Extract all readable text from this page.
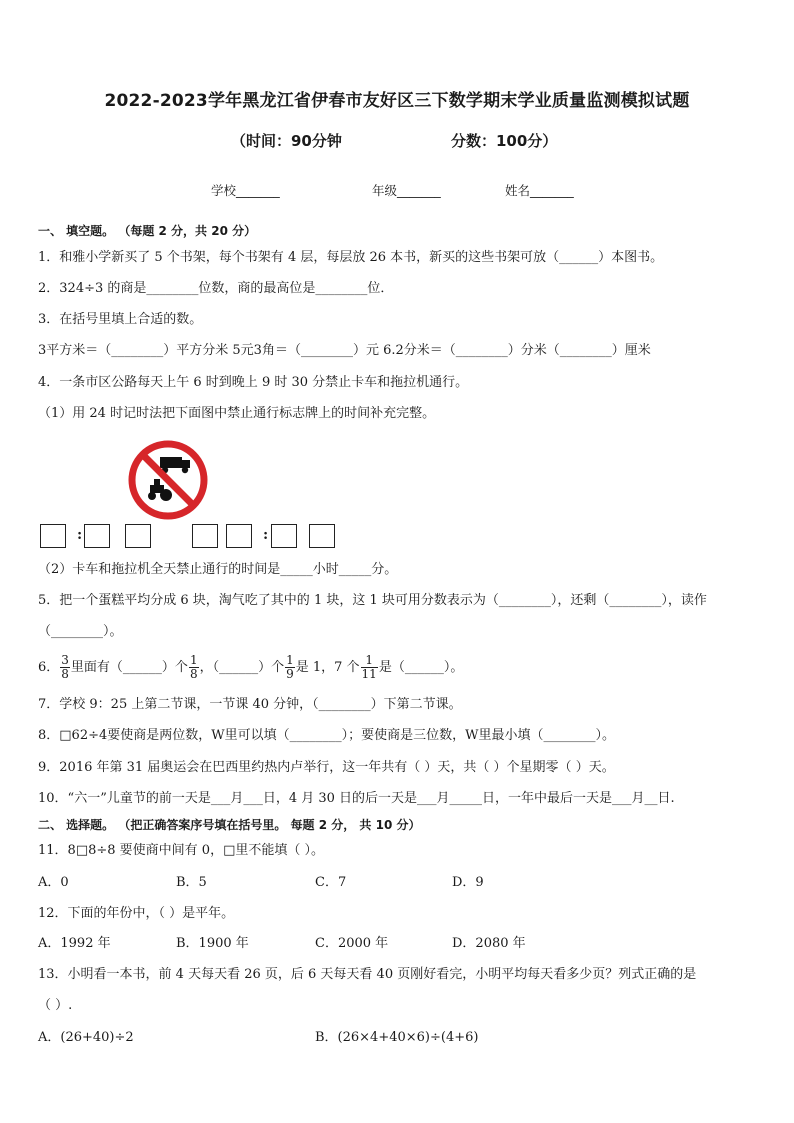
2022-2023学年黑龙江省伊春市友好区三下数学期末学业质量监测模拟试题
（时间：90分钟	分数：100分）
学校_______	年级_______	姓名_______
一、 填空题。 （每题 2 分，共 20 分）
1．和雅小学新买了 5 个书架，每个书架有 4 层，每层放 26 本书，新买的这些书架可放（______）本图书。
2．324÷3 的商是________位数，商的最高位是________位．
3．在括号里填上合适的数。
3平方米＝（________）平方分米 5元3角＝（________）元 6.2分米＝（________）分米（________）厘米
4．一条市区公路每天上午 6 时到晚上 9 时 30 分禁止卡车和拖拉机通行。
（1）用 24 时记时法把下面图中禁止通行标志牌上的时间补充完整。
:	:
（2）卡车和拖拉机全天禁止通行的时间是_____小时_____分。
5．把一个蛋糕平均分成 6 块，淘气吃了其中的 1 块，这 1 块可用分数表示为（________），还剩（________），读作
（________）。
6． $\frac{3}{8}$ 里面有（______）个 $\frac{1}{8}$ ，（______）个 $\frac{1}{9}$ 是 1，7 个 $\frac{1}{11}$ 是（______）。
7．学校 9：25 上第二节课，一节课 40 分钟，（________）下第二节课。
8．□62÷4要使商是两位数，W里可以填（________）；要使商是三位数，W里最小填（________）。
9．2016 年第 31 届奥运会在巴西里约热内卢举行，这一年共有（ ）天，共（ ）个星期零（ ）天。
10．“六一”儿童节的前一天是___月___日，4 月 30 日的后一天是___月_____日，一年中最后一天是___月__日.
二、 选择题。 （把正确答案序号填在括号里。 每题 2 分， 共 10 分）
11．8□8÷8 要使商中间有 0，□里不能填（ ）。
A．0	B．5	C．7	D．9
12．下面的年份中，（ ）是平年。
A．1992 年	B．1900 年	C．2000 年	D．2080 年
13．小明看一本书，前 4 天每天看 26 页，后 6 天每天看 40 页刚好看完，小明平均每天看多少页？列式正确的是
（ ）.
A．(26+40)÷2	B．(26×4+40×6)÷(4+6)
